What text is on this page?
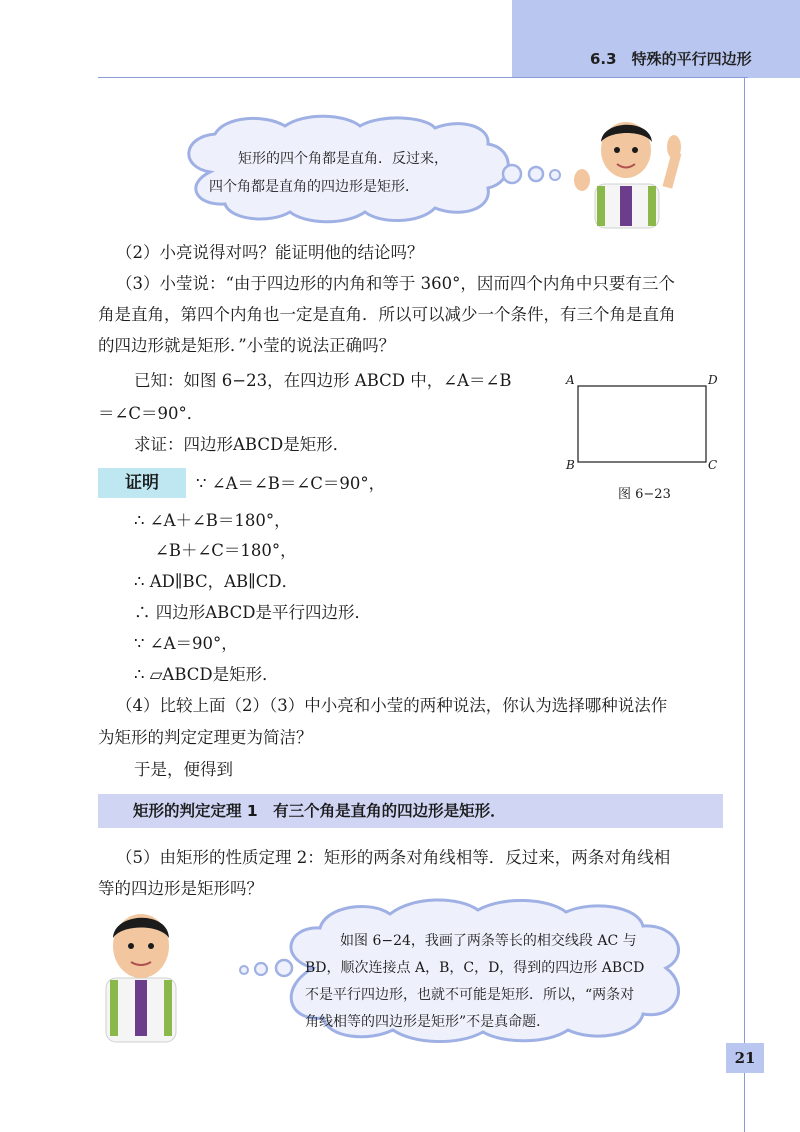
6.3　特殊的平行四边形
矩形的四个角都是直角．反过来，
四个角都是直角的四边形是矩形．
（2）小亮说得对吗？能证明他的结论吗？
（3）小莹说：“由于四边形的内角和等于 360°，因而四个内角中只要有三个
角是直角，第四个内角也一定是直角．所以可以减少一个条件，有三个角是直角
的四边形就是矩形．”小莹的说法正确吗？
已知：如图 6−23，在四边形 ABCD 中，∠A＝∠B
＝∠C＝90°．
求证：四边形ABCD是矩形．
A	D
B	C
图 6−23
证明	∵ ∠A＝∠B＝∠C＝90°，
∴ ∠A＋∠B＝180°，
∠B＋∠C＝180°，
∴ AD∥BC，AB∥CD．
∴ 四边形ABCD是平行四边形．
∵ ∠A＝90°，
∴ ▱ABCD是矩形．
（4）比较上面（2）（3）中小亮和小莹的两种说法，你认为选择哪种说法作
为矩形的判定定理更为简洁？
于是，便得到
矩形的判定定理 1　有三个角是直角的四边形是矩形．
（5）由矩形的性质定理 2：矩形的两条对角线相等．反过来，两条对角线相
等的四边形是矩形吗？
如图 6−24，我画了两条等长的相交线段 AC 与
BD，顺次连接点 A，B，C，D，得到的四边形 ABCD
不是平行四边形，也就不可能是矩形．所以，“两条对
角线相等的四边形是矩形”不是真命题．
21
